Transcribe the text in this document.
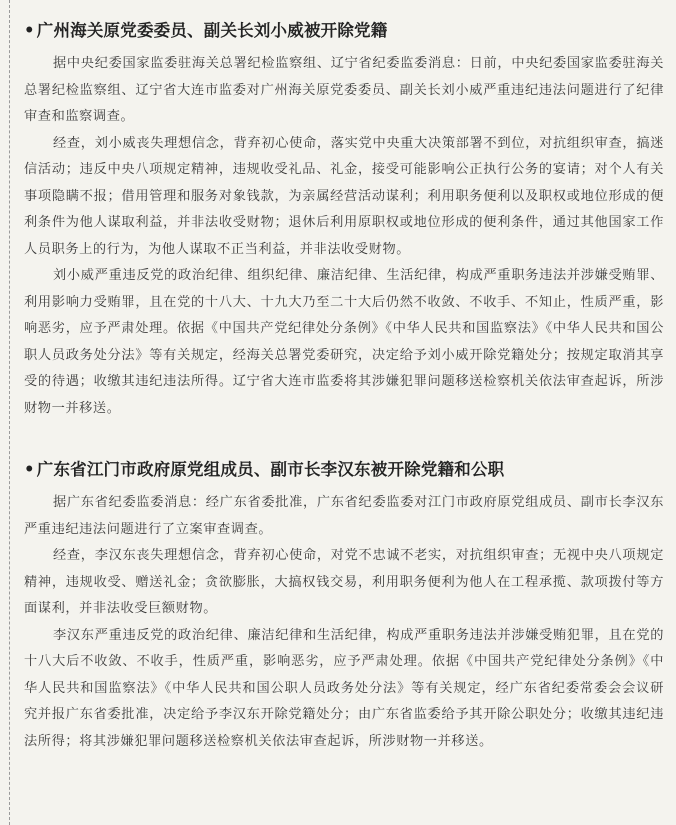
• 广州海关原党委委员、副关长刘小威被开除党籍

据中央纪委国家监委驻海关总署纪检监察组、辽宁省纪委监委消息：日前，中央纪委国家监委驻海关总署纪检监察组、辽宁省大连市监委对广州海关原党委委员、副关长刘小威严重违纪违法问题进行了纪律审查和监察调查。

经查，刘小威丧失理想信念，背弃初心使命，落实党中央重大决策部署不到位，对抗组织审查，搞迷信活动；违反中央八项规定精神，违规收受礼品、礼金，接受可能影响公正执行公务的宴请；对个人有关事项隐瞒不报；借用管理和服务对象钱款，为亲属经营活动谋利；利用职务便利以及职权或地位形成的便利条件为他人谋取利益，并非法收受财物；退休后利用原职权或地位形成的便利条件，通过其他国家工作人员职务上的行为，为他人谋取不正当利益，并非法收受财物。

刘小威严重违反党的政治纪律、组织纪律、廉洁纪律、生活纪律，构成严重职务违法并涉嫌受贿罪、利用影响力受贿罪，且在党的十八大、十九大乃至二十大后仍然不收敛、不收手、不知止，性质严重，影响恶劣，应予严肃处理。依据《中国共产党纪律处分条例》《中华人民共和国监察法》《中华人民共和国公职人员政务处分法》等有关规定，经海关总署党委研究，决定给予刘小威开除党籍处分；按规定取消其享受的待遇；收缴其违纪违法所得。辽宁省大连市监委将其涉嫌犯罪问题移送检察机关依法审查起诉，所涉财物一并移送。

• 广东省江门市政府原党组成员、副市长李汉东被开除党籍和公职

据广东省纪委监委消息：经广东省委批准，广东省纪委监委对江门市政府原党组成员、副市长李汉东严重违纪违法问题进行了立案审查调查。

经查，李汉东丧失理想信念，背弃初心使命，对党不忠诚不老实，对抗组织审查；无视中央八项规定精神，违规收受、赠送礼金；贪欲膨胀，大搞权钱交易，利用职务便利为他人在工程承揽、款项拨付等方面谋利，并非法收受巨额财物。

李汉东严重违反党的政治纪律、廉洁纪律和生活纪律，构成严重职务违法并涉嫌受贿犯罪，且在党的十八大后不收敛、不收手，性质严重，影响恶劣，应予严肃处理。依据《中国共产党纪律处分条例》《中华人民共和国监察法》《中华人民共和国公职人员政务处分法》等有关规定，经广东省纪委常委会会议研究并报广东省委批准，决定给予李汉东开除党籍处分；由广东省监委给予其开除公职处分；收缴其违纪违法所得；将其涉嫌犯罪问题移送检察机关依法审查起诉，所涉财物一并移送。
